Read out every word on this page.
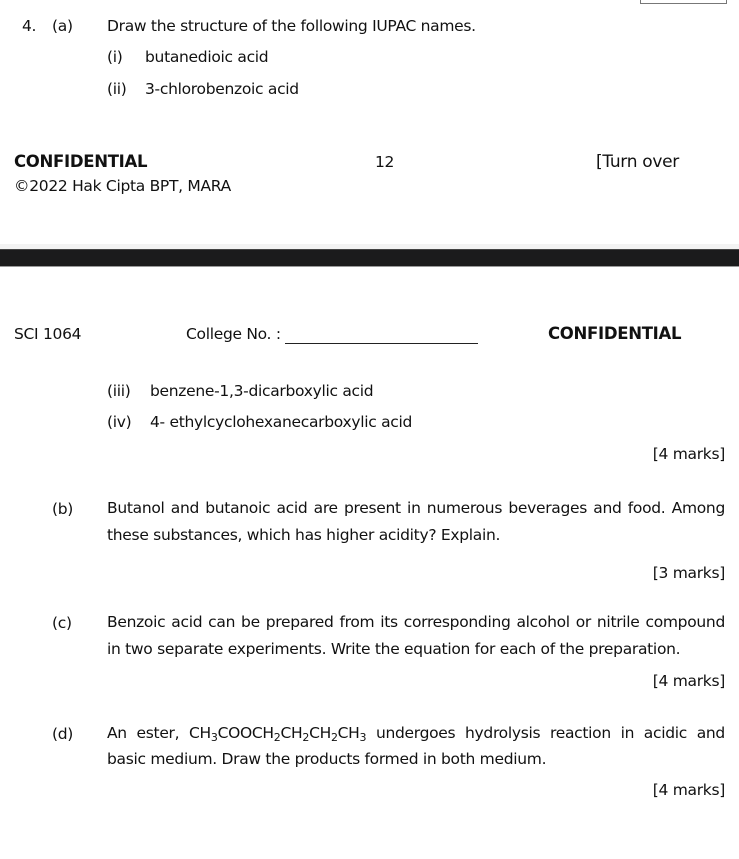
4. (a) Draw the structure of the following IUPAC names.
(i) butanedioic acid
(ii) 3-chlorobenzoic acid
CONFIDENTIAL	12	[Turn over
©2022 Hak Cipta BPT, MARA
SCI 1064	College No. :	CONFIDENTIAL
(iii) benzene-1,3-dicarboxylic acid
(iv) 4- ethylcyclohexanecarboxylic acid
[4 marks]
(b) Butanol and butanoic acid are present in numerous beverages and food. Among these substances, which has higher acidity? Explain.
[3 marks]
(c) Benzoic acid can be prepared from its corresponding alcohol or nitrile compound in two separate experiments. Write the equation for each of the preparation.
[4 marks]
(d) An ester, $CH_3COOCH_2CH_2CH_2CH_3$ undergoes hydrolysis reaction in acidic and basic medium. Draw the products formed in both medium.
[4 marks]
